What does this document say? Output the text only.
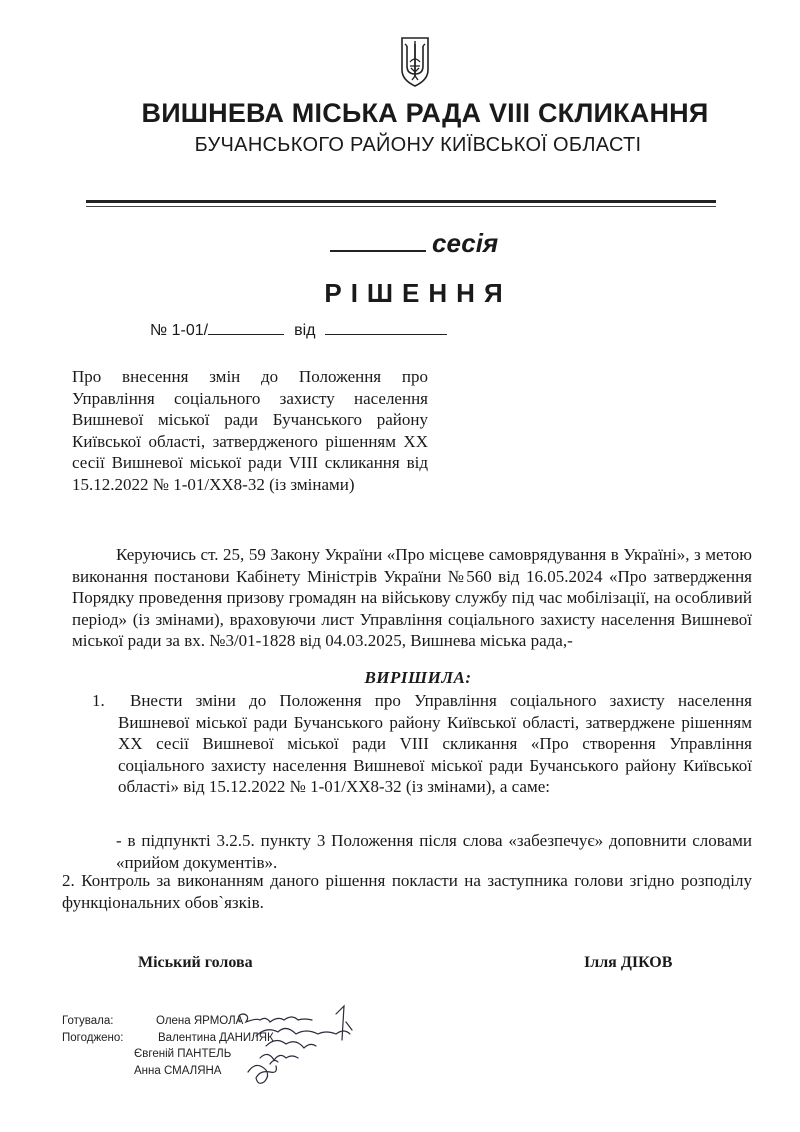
ВИШНЕВА МІСЬКА РАДА VIII СКЛИКАННЯ
БУЧАНСЬКОГО РАЙОНУ КИЇВСЬКОЇ ОБЛАСТІ
сесія
РІШЕННЯ
№ 1-01/	від
Про внесення змін до Положення про Управління соціального захисту населення Вишневої міської ради Бучанського району Київської області, затвердженого рішенням ХХ сесії Вишневої міської ради VIII скликання від 15.12.2022 № 1-01/ХХ8-32 (із змінами)
Керуючись ст. 25, 59 Закону України «Про місцеве самоврядування в Україні», з метою виконання постанови Кабінету Міністрів України №560 від 16.05.2024 «Про затвердження Порядку проведення призову громадян на військову службу під час мобілізації, на особливий період» (із змінами), враховуючи лист Управління соціального захисту населення Вишневої міської ради за вх. №3/01-1828 від 04.03.2025, Вишнева міська рада,-
ВИРІШИЛА:
1.	Внести зміни до Положення про Управління соціального захисту населення Вишневої міської ради Бучанського району Київської області, затверджене рішенням ХХ сесії Вишневої міської ради VIII скликання «Про створення Управління соціального захисту населення Вишневої міської ради Бучанського району Київської області» від 15.12.2022 № 1-01/ХХ8-32 (із змінами), а саме:
- в підпункті 3.2.5. пункту 3 Положення після слова «забезпечує» доповнити словами «прийом документів».
2. Контроль за виконанням даного рішення покласти на заступника голови згідно розподілу функціональних обов`язків.
Міський голова	Ілля ДІКОВ
Готувала:	Олена ЯРМОЛА
Погоджено:	Валентина ДАНИЛЯК
Євгеній ПАНТЕЛЬ
Анна СМАЛЯНА
